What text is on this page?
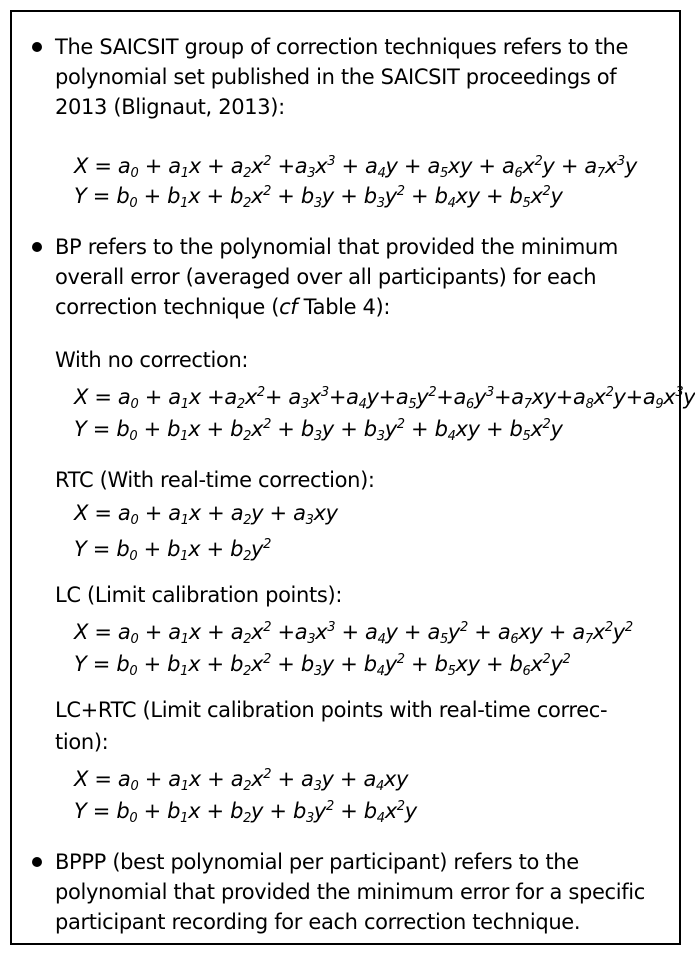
The SAICSIT group of correction techniques refers to the polynomial set published in the SAICSIT proceedings of 2013 (Blignaut, 2013):
$X = a_0 + a_1x + a_2x^2 +a_3x^3 + a_4y + a_5xy + a_6x^2y + a_7x^3y$
$Y = b_0 + b_1x + b_2x^2 + b_3y + b_3y^2 + b_4xy + b_5x^2y$
BP refers to the polynomial that provided the minimum overall error (averaged over all participants) for each correction technique (cf Table 4):
With no correction:
$X = a_0 + a_1x +a_2x^2+ a_3x^3+a_4y+a_5y^2+a_6y^3+a_7xy+a_8x^2y+a_9x^3y$
$Y = b_0 + b_1x + b_2x^2 + b_3y + b_3y^2 + b_4xy + b_5x^2y$
RTC (With real-time correction):
$X = a_0 + a_1x + a_2y + a_3xy$
$Y = b_0 + b_1x + b_2y^2$
LC (Limit calibration points):
$X = a_0 + a_1x + a_2x^2 +a_3x^3 + a_4y + a_5y^2 + a_6xy + a_7x^2y^2$
$Y = b_0 + b_1x + b_2x^2 + b_3y + b_4y^2 + b_5xy + b_6x^2y^2$
LC+RTC (Limit calibration points with real-time correc-
tion):
$X = a_0 + a_1x + a_2x^2 + a_3y + a_4xy$
$Y = b_0 + b_1x + b_2y + b_3y^2 + b_4x^2y$
BPPP (best polynomial per participant) refers to the polynomial that provided the minimum error for a specific participant recording for each correction technique.
